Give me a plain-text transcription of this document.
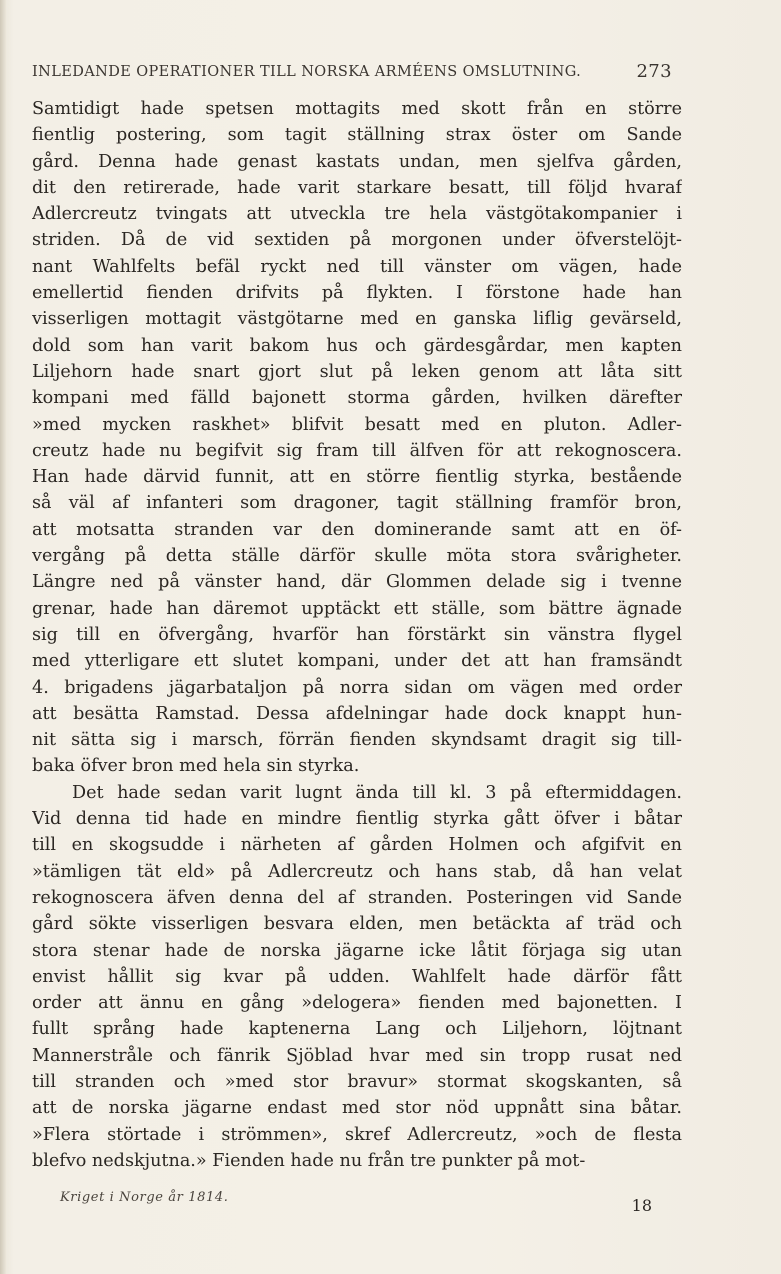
INLEDANDE OPERATIONER TILL NORSKA ARMÉENS OMSLUTNING.	273
Samtidigt hade spetsen mottagits med skott från en större
fientlig postering, som tagit ställning strax öster om Sande
gård. Denna hade genast kastats undan, men sjelfva gården,
dit den retirerade, hade varit starkare besatt, till följd hvaraf
Adlercreutz tvingats att utveckla tre hela västgötakompanier i
striden. Då de vid sextiden på morgonen under öfverstelöjt-
nant Wahlfelts befäl ryckt ned till vänster om vägen, hade
emellertid fienden drifvits på flykten. I förstone hade han
visserligen mottagit västgötarne med en ganska liflig gevärseld,
dold som han varit bakom hus och gärdesgårdar, men kapten
Liljehorn hade snart gjort slut på leken genom att låta sitt
kompani med fälld bajonett storma gården, hvilken därefter
»med mycken raskhet» blifvit besatt med en pluton. Adler-
creutz hade nu begifvit sig fram till älfven för att rekognoscera.
Han hade därvid funnit, att en större fientlig styrka, bestående
så väl af infanteri som dragoner, tagit ställning framför bron,
att motsatta stranden var den dominerande samt att en öf-
vergång på detta ställe därför skulle möta stora svårigheter.
Längre ned på vänster hand, där Glommen delade sig i tvenne
grenar, hade han däremot upptäckt ett ställe, som bättre ägnade
sig till en öfvergång, hvarför han förstärkt sin vänstra flygel
med ytterligare ett slutet kompani, under det att han framsändt
4. brigadens jägarbataljon på norra sidan om vägen med order
att besätta Ramstad. Dessa afdelningar hade dock knappt hun-
nit sätta sig i marsch, förrän fienden skyndsamt dragit sig till-
baka öfver bron med hela sin styrka.
Det hade sedan varit lugnt ända till kl. 3 på eftermiddagen.
Vid denna tid hade en mindre fientlig styrka gått öfver i båtar
till en skogsudde i närheten af gården Holmen och afgifvit en
»tämligen tät eld» på Adlercreutz och hans stab, då han velat
rekognoscera äfven denna del af stranden. Posteringen vid Sande
gård sökte visserligen besvara elden, men betäckta af träd och
stora stenar hade de norska jägarne icke låtit förjaga sig utan
envist hållit sig kvar på udden. Wahlfelt hade därför fått
order att ännu en gång »delogera» fienden med bajonetten. I
fullt språng hade kaptenerna Lang och Liljehorn, löjtnant
Mannerstråle och fänrik Sjöblad hvar med sin tropp rusat ned
till stranden och »med stor bravur» stormat skogskanten, så
att de norska jägarne endast med stor nöd uppnått sina båtar.
»Flera störtade i strömmen», skref Adlercreutz, »och de flesta
blefvo nedskjutna.» Fienden hade nu från tre punkter på mot-
Kriget i Norge år 1814.	18
